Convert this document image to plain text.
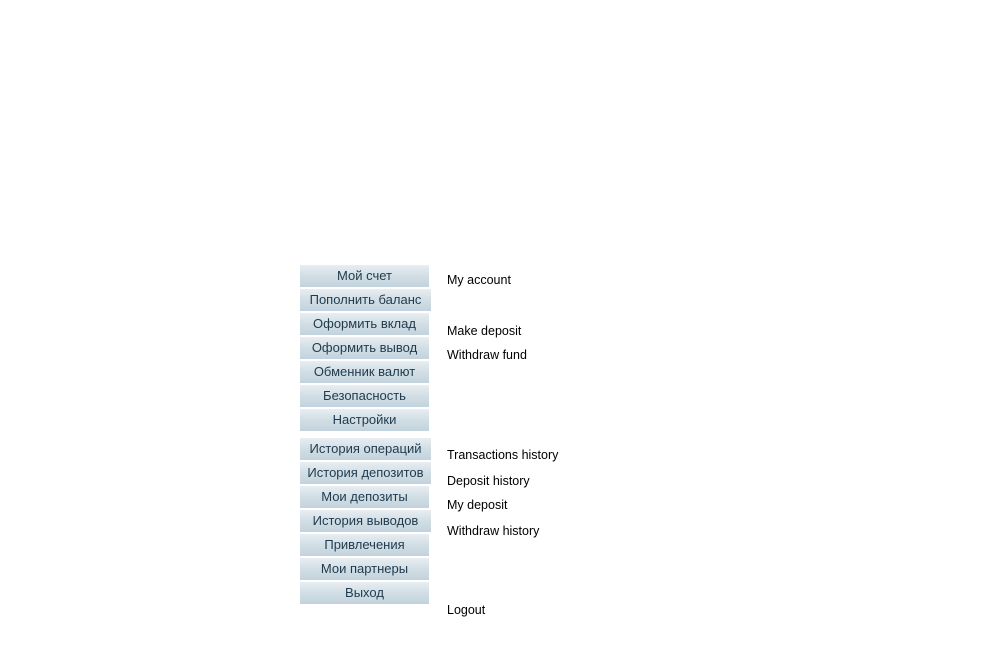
Мой счет
Пополнить баланс
Оформить вклад
Оформить вывод
Обменник валют
Безопасность
Настройки
История операций
История депозитов
Мои депозиты
История выводов
Привлечения
Мои партнеры
Выход
My account
Make deposit
Withdraw fund
Transactions history
Deposit history
My deposit
Withdraw history
Logout
